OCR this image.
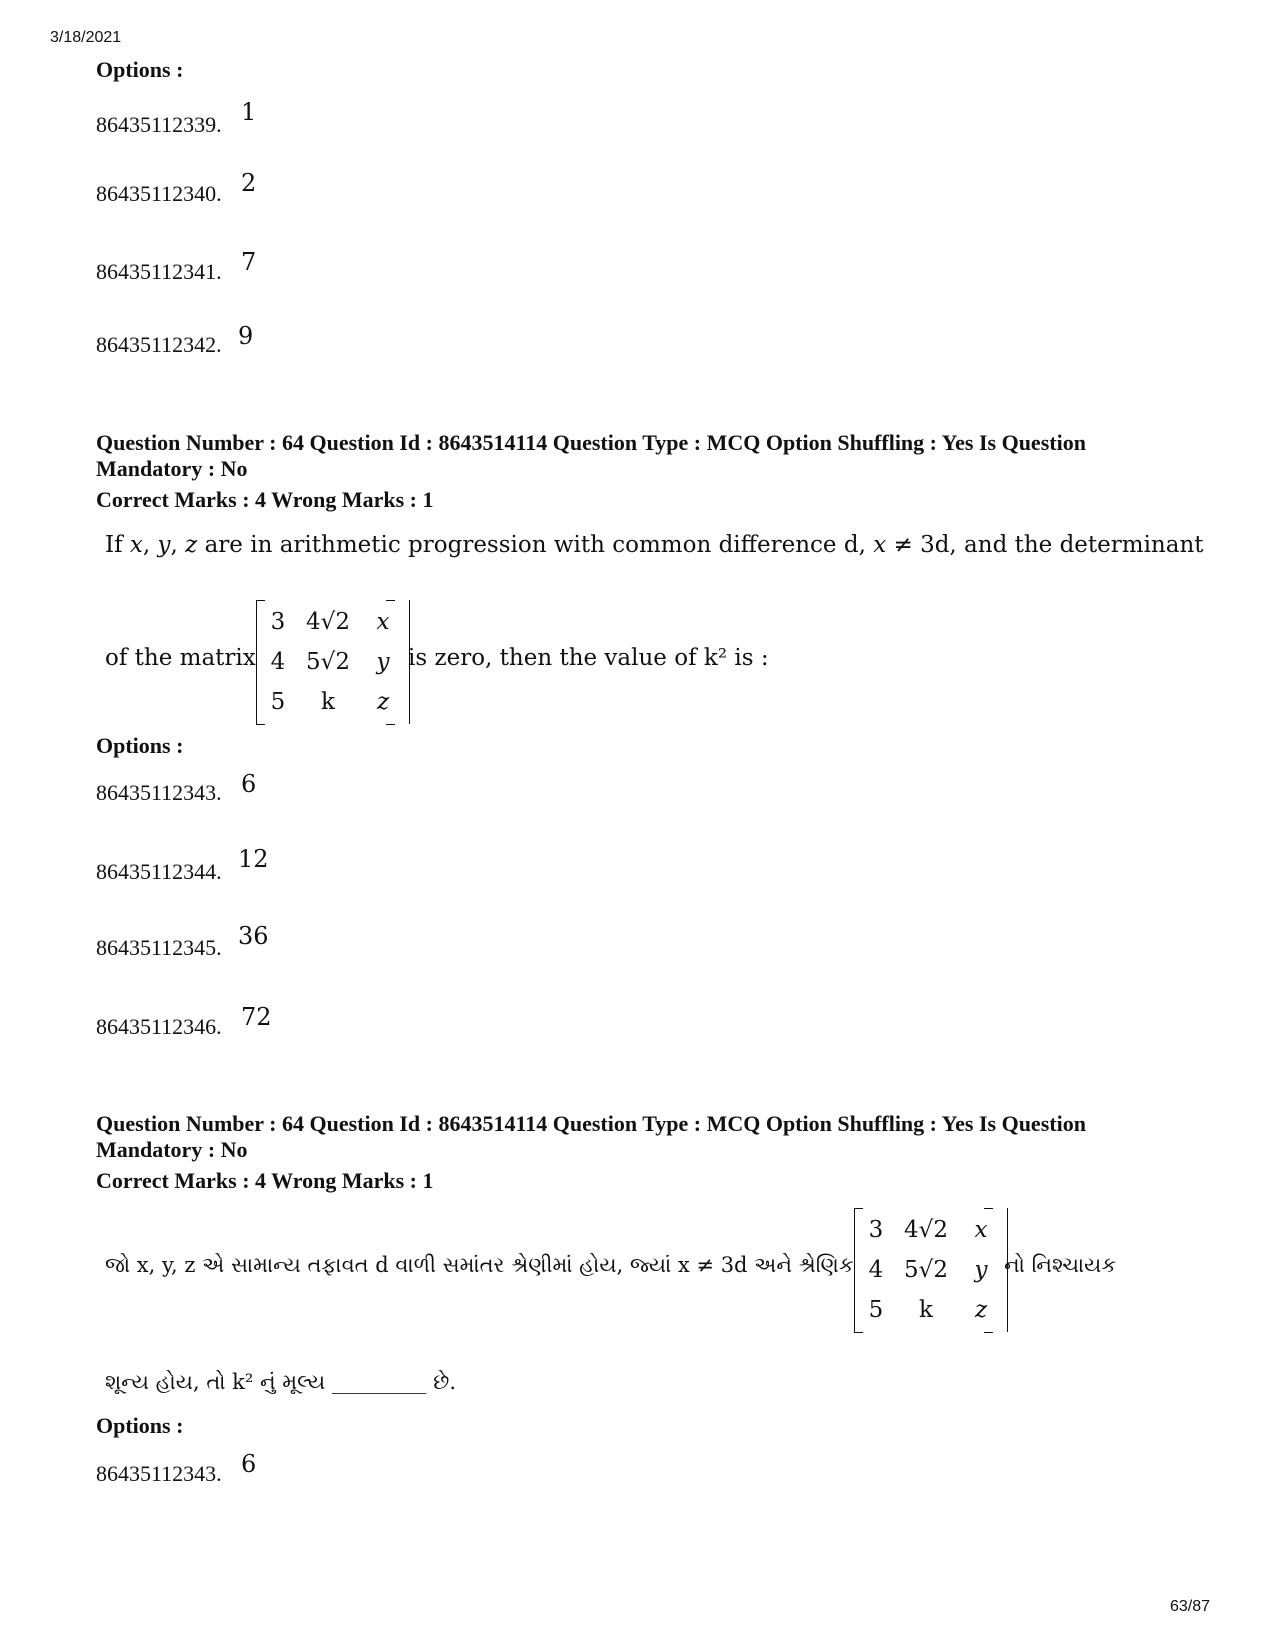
3/18/2021
Options :
86435112339. 1
86435112340. 2
86435112341. 7
86435112342. 9
Question Number : 64 Question Id : 8643514114 Question Type : MCQ Option Shuffling : Yes Is Question
Mandatory : No
Correct Marks : 4 Wrong Marks : 1
If x, y, z are in arithmetic progression with common difference d, x ≠ 3d, and the determinant
of the matrix
3 4√2	x
4 5√2	y
5	k	z
is zero, then the value of k² is :
Options :
86435112343. 6
86435112344. 12
86435112345. 36
86435112346. 72
Question Number : 64 Question Id : 8643514114 Question Type : MCQ Option Shuffling : Yes Is Question
Mandatory : No
Correct Marks : 4 Wrong Marks : 1
જો x, y, z એ સામાન્ય તફાવત d વાળી સમાંતર શ્રેણીમાં હોય, જ્યાં x ≠ 3d અને શ્રેણિક
3 4√2	x
4 5√2	y
5	k	z
નો નિશ્ચાયક
શૂન્ય હોય, તો k² નું મૂલ્ય _________ છે.
Options :
86435112343. 6
63/87
